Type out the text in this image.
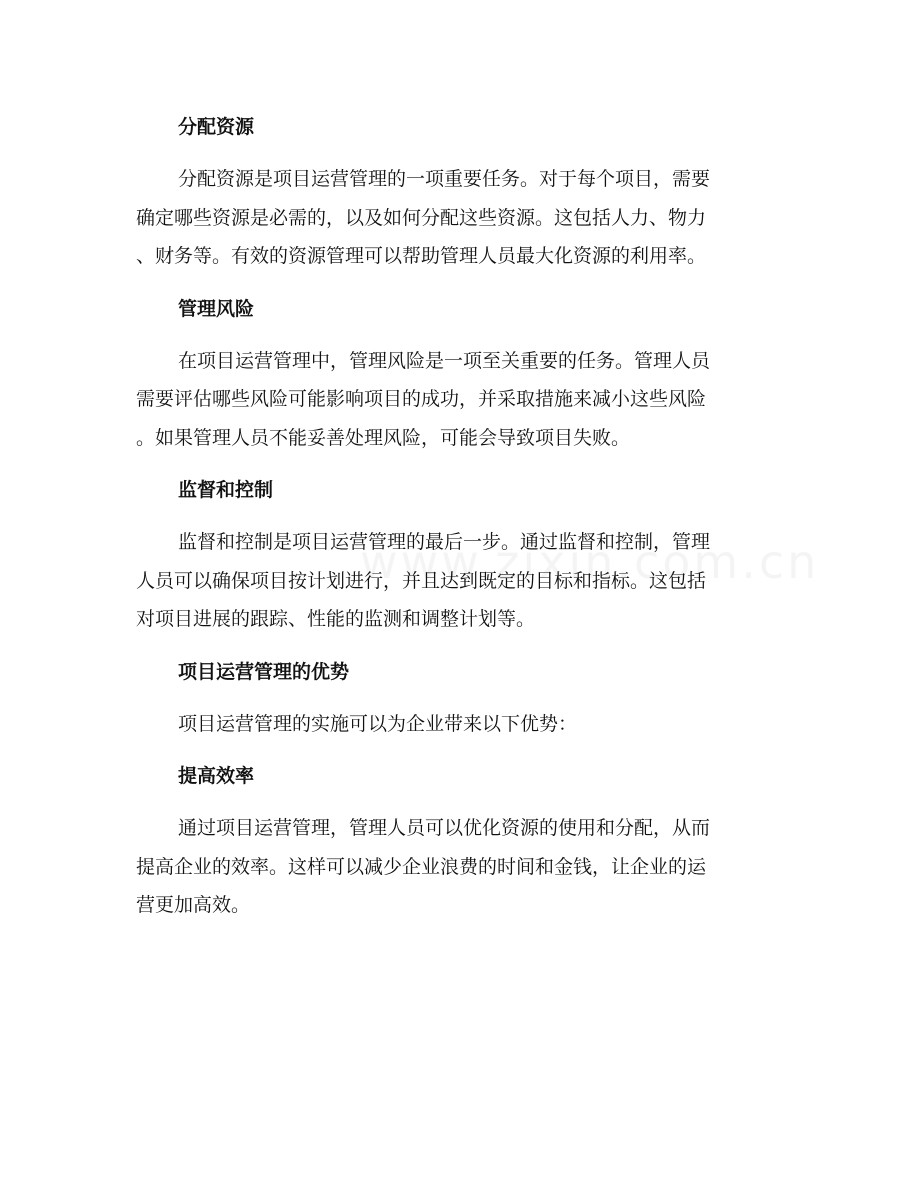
分配资源
分配资源是项目运营管理的一项重要任务。对于每个项目，需要
确定哪些资源是必需的，以及如何分配这些资源。这包括人力、物力
、财务等。有效的资源管理可以帮助管理人员最大化资源的利用率。
管理风险
在项目运营管理中，管理风险是一项至关重要的任务。管理人员
需要评估哪些风险可能影响项目的成功，并采取措施来减小这些风险
。如果管理人员不能妥善处理风险，可能会导致项目失败。
监督和控制
监督和控制是项目运营管理的最后一步。通过监督和控制，管理
人员可以确保项目按计划进行，并且达到既定的目标和指标。这包括
对项目进展的跟踪、性能的监测和调整计划等。
项目运营管理的优势
项目运营管理的实施可以为企业带来以下优势：
提高效率
通过项目运营管理，管理人员可以优化资源的使用和分配，从而
提高企业的效率。这样可以减少企业浪费的时间和金钱，让企业的运
营更加高效。
